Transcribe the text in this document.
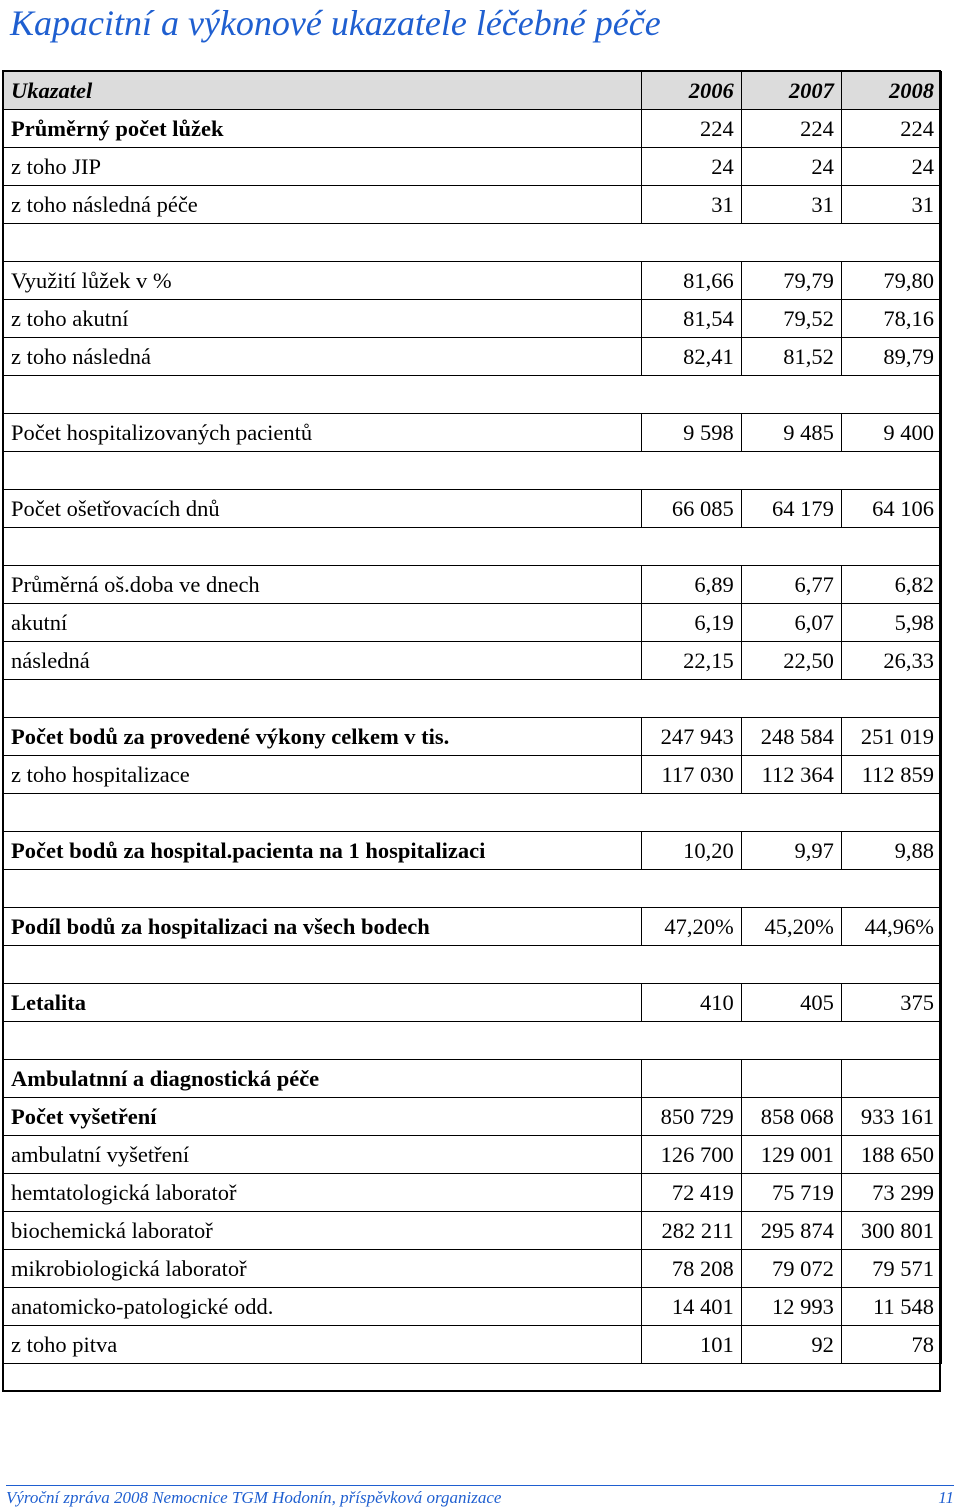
Kapacitní a výkonové ukazatele léčebné péče
Ukazatel	2006	2007	2008
Průměrný počet lůžek	224	224	224
z toho JIP	24	24	24
z toho následná péče	31	31	31

Využití lůžek v %	81,66	79,79	79,80
z toho akutní	81,54	79,52	78,16
z toho následná	82,41	81,52	89,79

Počet hospitalizovaných pacientů	9 598	9 485	9 400

Počet ošetřovacích dnů	66 085	64 179	64 106

Průměrná oš.doba ve dnech	6,89	6,77	6,82
akutní	6,19	6,07	5,98
následná	22,15	22,50	26,33

Počet bodů za provedené výkony celkem v tis.	247 943	248 584	251 019
z toho hospitalizace	117 030	112 364	112 859

Počet bodů za hospital.pacienta na 1 hospitalizaci	10,20	9,97	9,88

Podíl bodů za hospitalizaci na všech bodech	47,20%	45,20%	44,96%

Letalita	410	405	375

Ambulatnní a diagnostická péče			
Počet vyšetření	850 729	858 068	933 161
ambulatní vyšetření	126 700	129 001	188 650
hemtatologická laboratoř	72 419	75 719	73 299
biochemická laboratoř	282 211	295 874	300 801
mikrobiologická laboratoř	78 208	79 072	79 571
anatomicko-patologické odd.	14 401	12 993	11 548
z toho pitva	101	92	78
Výroční zpráva 2008 Nemocnice TGM Hodonín, příspěvková organizace	11
